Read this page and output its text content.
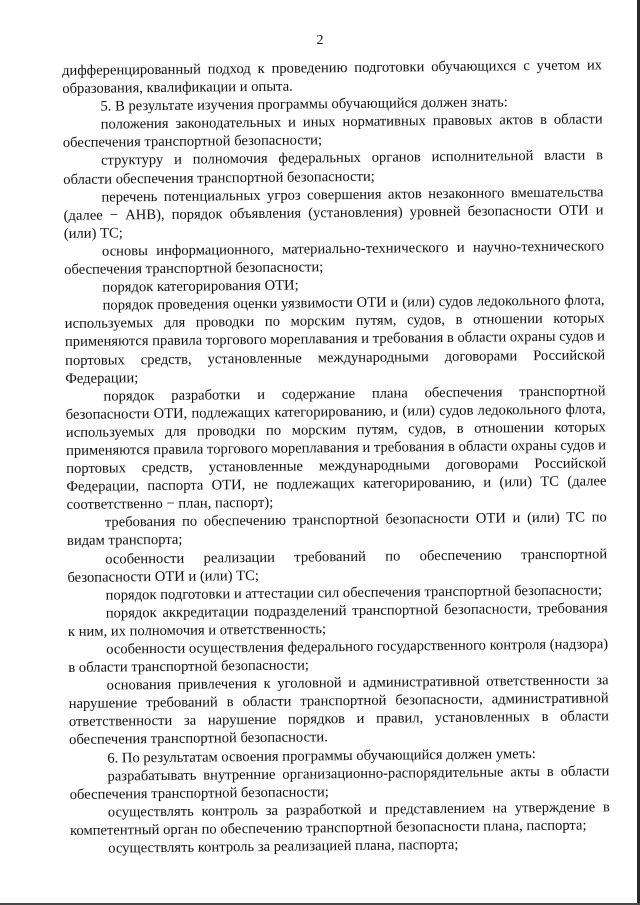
2

дифференцированный подход к проведению подготовки обучающихся с учетом их образования, квалификации и опыта.

5. В результате изучения программы обучающийся должен знать:

положения законодательных и иных нормативных правовых актов в области обеспечения транспортной безопасности;

структуру и полномочия федеральных органов исполнительной власти в области обеспечения транспортной безопасности;

перечень потенциальных угроз совершения актов незаконного вмешательства (далее − АНВ), порядок объявления (установления) уровней безопасности ОТИ и (или) ТС;

основы информационного, материально-технического и научно-технического обеспечения транспортной безопасности;

порядок категорирования ОТИ;

порядок проведения оценки уязвимости ОТИ и (или) судов ледокольного флота, используемых для проводки по морским путям, судов, в отношении которых применяются правила торгового мореплавания и требования в области охраны судов и портовых средств, установленные международными договорами Российской Федерации;

порядок разработки и содержание плана обеспечения транспортной безопасности ОТИ, подлежащих категорированию, и (или) судов ледокольного флота, используемых для проводки по морским путям, судов, в отношении которых применяются правила торгового мореплавания и требования в области охраны судов и портовых средств, установленные международными договорами Российской Федерации, паспорта ОТИ, не подлежащих категорированию, и (или) ТС (далее соответственно − план, паспорт);

требования по обеспечению транспортной безопасности ОТИ и (или) ТС по видам транспорта;

особенности реализации требований по обеспечению транспортной безопасности ОТИ и (или) ТС;

порядок подготовки и аттестации сил обеспечения транспортной безопасности;

порядок аккредитации подразделений транспортной безопасности, требования к ним, их полномочия и ответственность;

особенности осуществления федерального государственного контроля (надзора) в области транспортной безопасности;

основания привлечения к уголовной и административной ответственности за нарушение требований в области транспортной безопасности, административной ответственности за нарушение порядков и правил, установленных в области обеспечения транспортной безопасности.

6. По результатам освоения программы обучающийся должен уметь:

разрабатывать внутренние организационно-распорядительные акты в области обеспечения транспортной безопасности;

осуществлять контроль за разработкой и представлением на утверждение в компетентный орган по обеспечению транспортной безопасности плана, паспорта;

осуществлять контроль за реализацией плана, паспорта;
